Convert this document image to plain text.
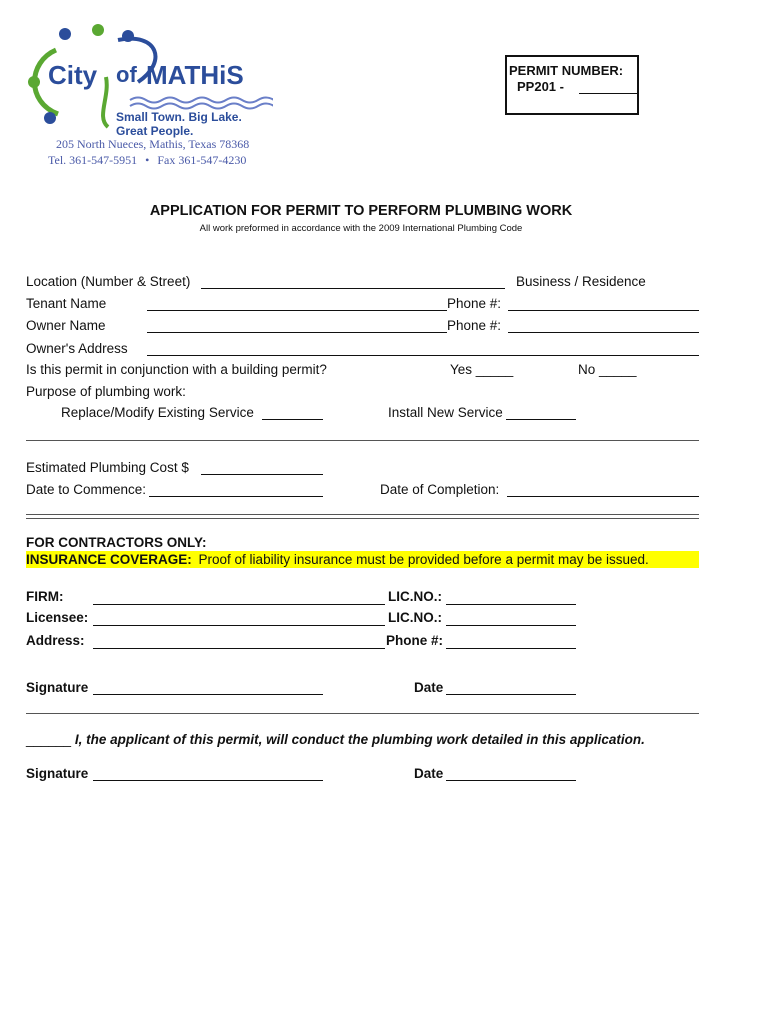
City of MATHiS
Small Town. Big Lake. Great People.
205 North Nueces, Mathis, Texas 78368
Tel. 361-547-5951 • Fax 361-547-4230
PERMIT NUMBER:
PP201 -
APPLICATION FOR PERMIT TO PERFORM PLUMBING WORK
All work preformed in accordance with the 2009 International Plumbing Code
Location (Number & Street)	Business / Residence
Tenant Name	Phone #:
Owner Name	Phone #:
Owner's Address
Is this permit in conjunction with a building permit?	Yes _____	No _____
Purpose of plumbing work:
Replace/Modify Existing Service	Install New Service
Estimated Plumbing Cost $
Date to Commence:	Date of Completion:
FOR CONTRACTORS ONLY:
INSURANCE COVERAGE: Proof of liability insurance must be provided before a permit may be issued.
FIRM:	LIC.NO.:
Licensee:	LIC.NO.:
Address:	Phone #:
Signature	Date
______ I, the applicant of this permit, will conduct the plumbing work detailed in this application.
Signature	Date
